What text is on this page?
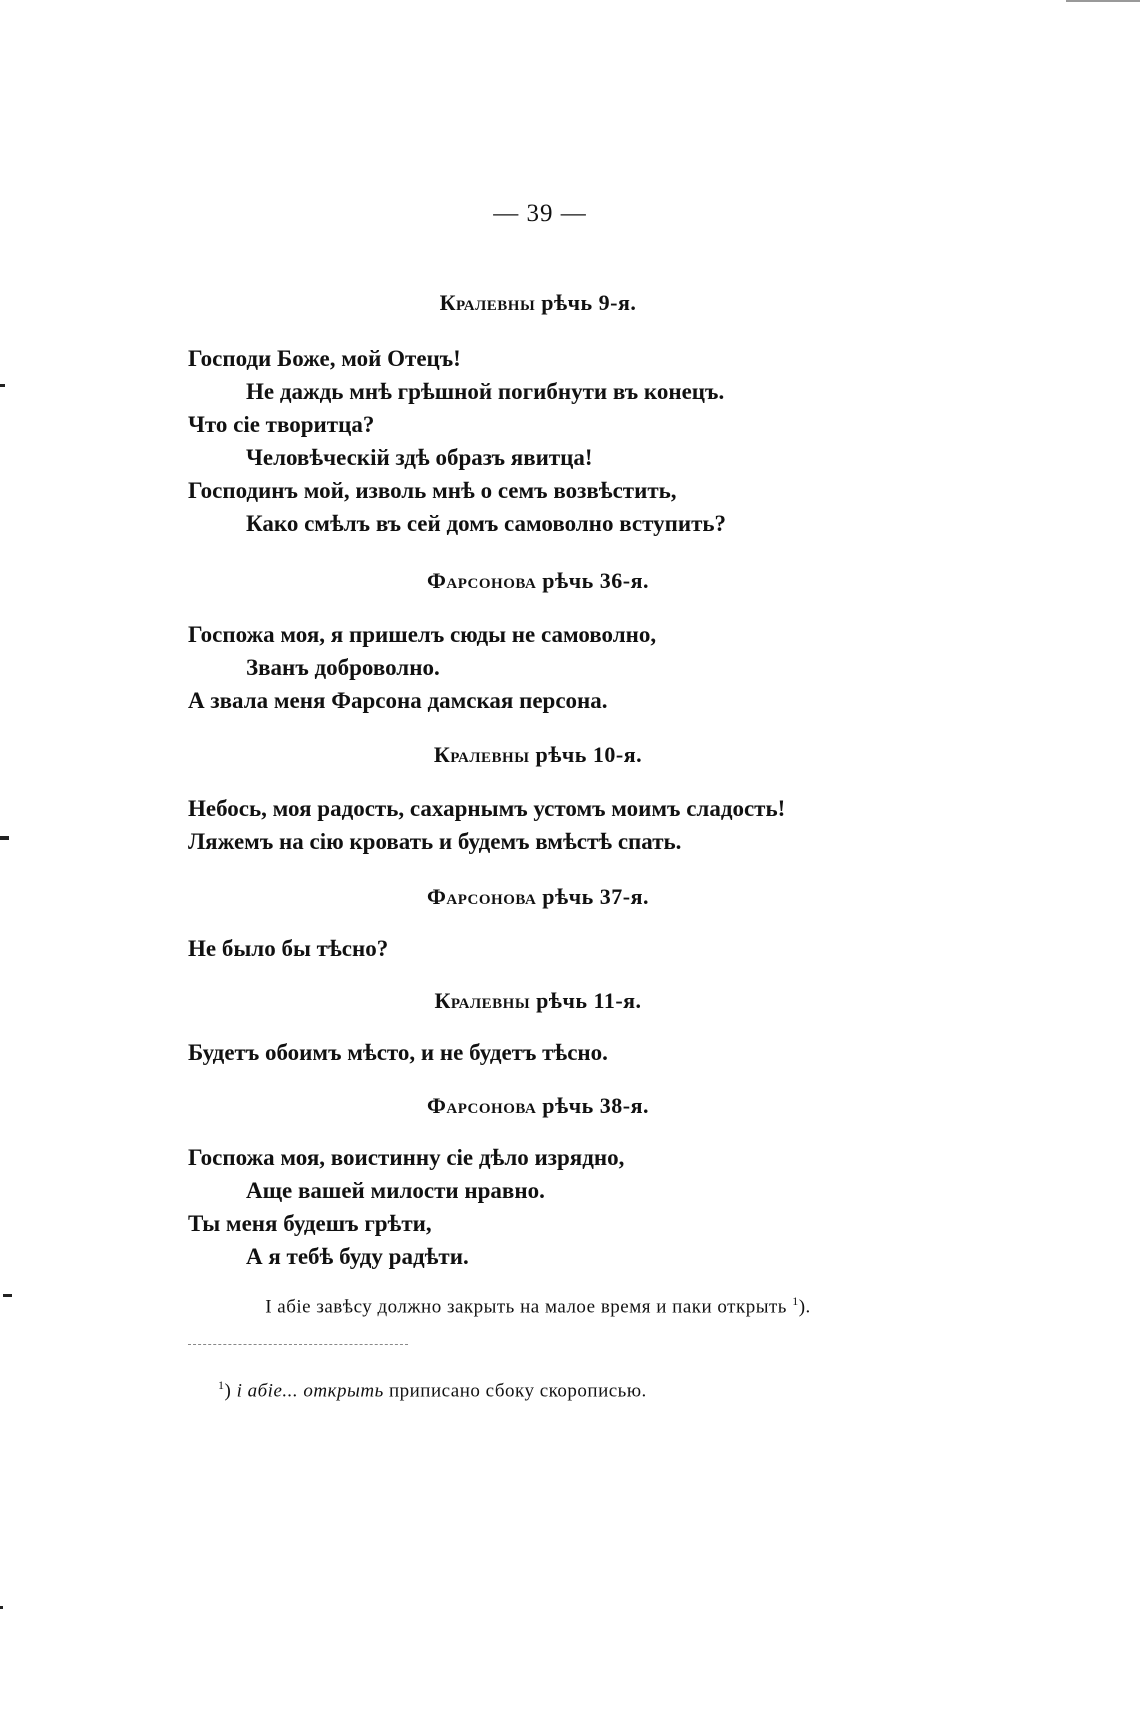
— 39 —
Кралевны рѣчь 9-я.
Господи Боже, мой Отецъ!
Не даждь мнѣ грѣшной погибнути въ конецъ.
Что сіе творитца?
Человѣческій здѣ образъ явитца!
Господинъ мой, изволь мнѣ о семъ возвѣстить,
Како смѣлъ въ сей домъ самоволно вступить?
Фарсонова рѣчь 36-я.
Госпожа моя, я пришелъ сюды не самоволно,
Званъ доброволно.
А звала меня Фарсона дамская персона.
Кралевны рѣчь 10-я.
Небось, моя радость, сахарнымъ устомъ моимъ сладость!
Ляжемъ на сію кровать и будемъ вмѣстѣ спать.
Фарсонова рѣчь 37-я.
Не было бы тѣсно?
Кралевны рѣчь 11-я.
Будетъ обоимъ мѣсто, и не будетъ тѣсно.
Фарсонова рѣчь 38-я.
Госпожа моя, воистинну сіе дѣло изрядно,
Аще вашей милости нравно.
Ты меня будешъ грѣти,
А я тебѣ буду радѣти.
І абіе завѣсу должно закрыть на малое время и паки открыть $^1$).
$^1$) і абіе... открыть приписано сбоку скорописью.
